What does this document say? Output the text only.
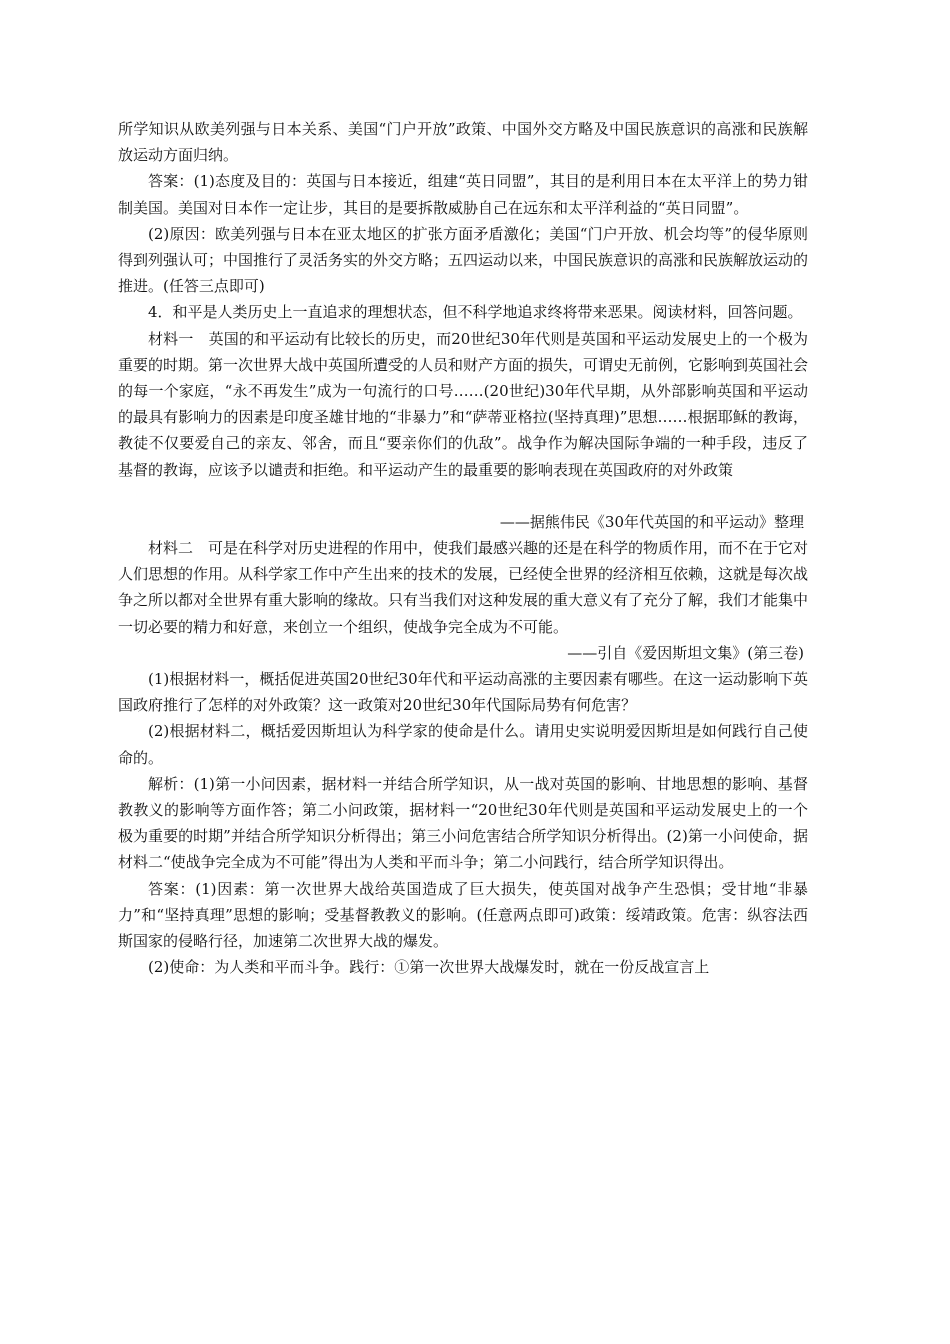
所学知识从欧美列强与日本关系、美国“门户开放”政策、中国外交方略及中国民族意识的高涨和民族解放运动方面归纳。

答案：(1)态度及目的：英国与日本接近，组建“英日同盟”，其目的是利用日本在太平洋上的势力钳制美国。美国对日本作一定让步，其目的是要拆散威胁自己在远东和太平洋利益的“英日同盟”。

(2)原因：欧美列强与日本在亚太地区的扩张方面矛盾激化；美国“门户开放、机会均等”的侵华原则得到列强认可；中国推行了灵活务实的外交方略；五四运动以来，中国民族意识的高涨和民族解放运动的推进。(任答三点即可)

4．和平是人类历史上一直追求的理想状态，但不科学地追求终将带来恶果。阅读材料，回答问题。

材料一　英国的和平运动有比较长的历史，而20世纪30年代则是英国和平运动发展史上的一个极为重要的时期。第一次世界大战中英国所遭受的人员和财产方面的损失，可谓史无前例，它影响到英国社会的每一个家庭，“永不再发生”成为一句流行的口号……(20世纪)30年代早期，从外部影响英国和平运动的最具有影响力的因素是印度圣雄甘地的“非暴力”和“萨蒂亚格拉(坚持真理)”思想……根据耶稣的教诲，教徒不仅要爱自己的亲友、邻舍，而且“要亲你们的仇敌”。战争作为解决国际争端的一种手段，违反了基督的教诲，应该予以谴责和拒绝。和平运动产生的最重要的影响表现在英国政府的对外政策

——据熊伟民《30年代英国的和平运动》整理

材料二　可是在科学对历史进程的作用中，使我们最感兴趣的还是在科学的物质作用，而不在于它对人们思想的作用。从科学家工作中产生出来的技术的发展，已经使全世界的经济相互依赖，这就是每次战争之所以都对全世界有重大影响的缘故。只有当我们对这种发展的重大意义有了充分了解，我们才能集中一切必要的精力和好意，来创立一个组织，使战争完全成为不可能。

——引自《爱因斯坦文集》(第三卷)

(1)根据材料一，概括促进英国20世纪30年代和平运动高涨的主要因素有哪些。在这一运动影响下英国政府推行了怎样的对外政策？这一政策对20世纪30年代国际局势有何危害？

(2)根据材料二，概括爱因斯坦认为科学家的使命是什么。请用史实说明爱因斯坦是如何践行自己使命的。

解析：(1)第一小问因素，据材料一并结合所学知识，从一战对英国的影响、甘地思想的影响、基督教教义的影响等方面作答；第二小问政策，据材料一“20世纪30年代则是英国和平运动发展史上的一个极为重要的时期”并结合所学知识分析得出；第三小问危害结合所学知识分析得出。(2)第一小问使命，据材料二“使战争完全成为不可能”得出为人类和平而斗争；第二小问践行，结合所学知识得出。

答案：(1)因素：第一次世界大战给英国造成了巨大损失，使英国对战争产生恐惧；受甘地“非暴力”和“坚持真理”思想的影响；受基督教教义的影响。(任意两点即可)政策：绥靖政策。危害：纵容法西斯国家的侵略行径，加速第二次世界大战的爆发。

(2)使命：为人类和平而斗争。践行：①第一次世界大战爆发时，就在一份反战宣言上
